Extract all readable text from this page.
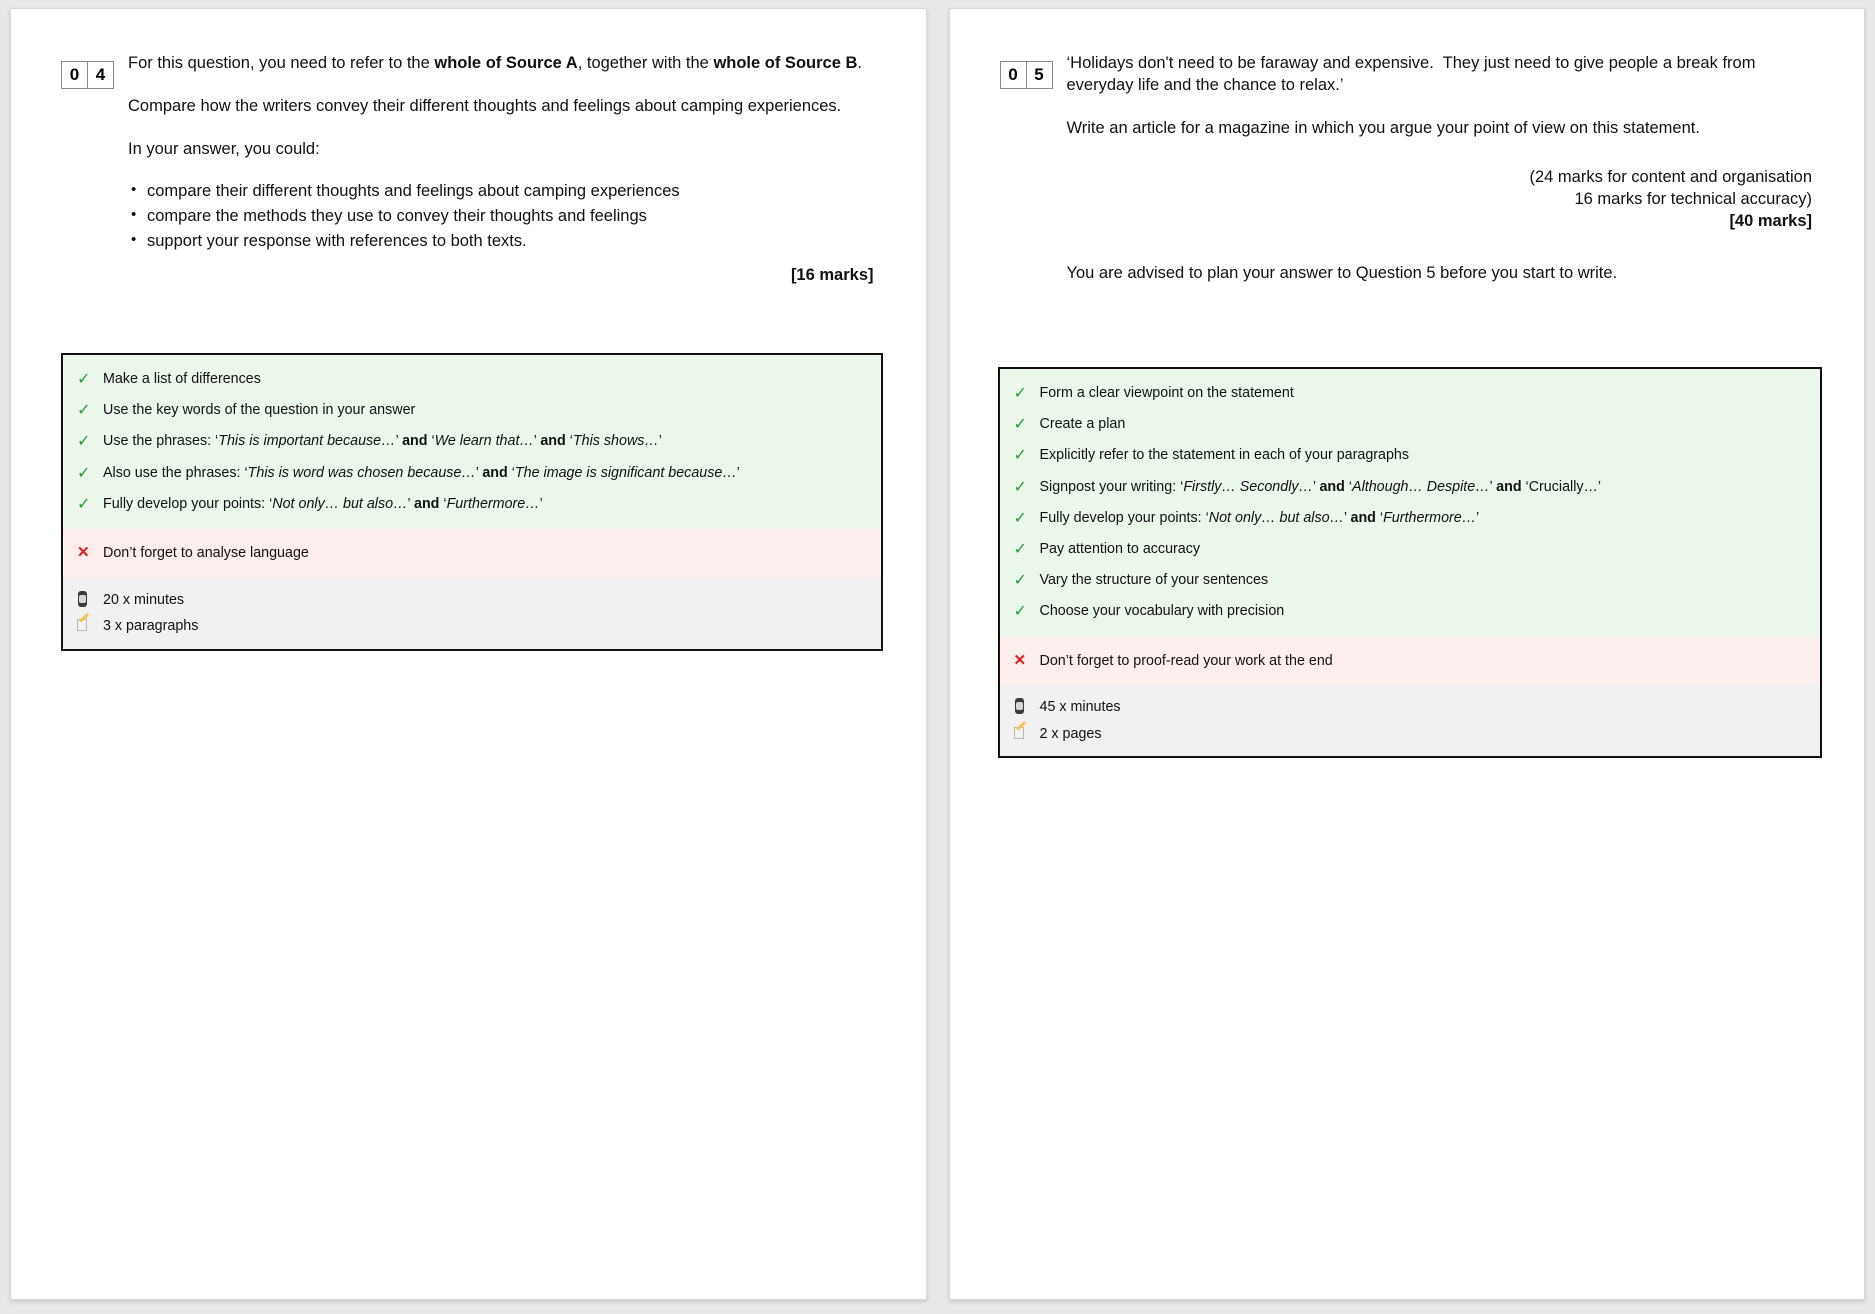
0 4

For this question, you need to refer to the whole of Source A, together with the whole of Source B.

Compare how the writers convey their different thoughts and feelings about camping experiences.

In your answer, you could:

• compare their different thoughts and feelings about camping experiences
• compare the methods they use to convey their thoughts and feelings
• support your response with references to both texts.
[16 marks]
✓ Make a list of differences
✓ Use the key words of the question in your answer
✓ Use the phrases: ‘This is important because…’ and ‘We learn that…’ and ‘This shows…’
✓ Also use the phrases: ‘This is word was chosen because…’ and ‘The image is significant because…’
✓ Fully develop your points: ‘Not only… but also…’ and ‘Furthermore…’
✕ Don’t forget to analyse language
20 x minutes
3 x paragraphs
0 5

‘Holidays don't need to be faraway and expensive.  They just need to give people a break from everyday life and the chance to relax.’

Write an article for a magazine in which you argue your point of view on this statement.

(24 marks for content and organisation
16 marks for technical accuracy)
[40 marks]

You are advised to plan your answer to Question 5 before you start to write.

✓ Form a clear viewpoint on the statement
✓ Create a plan
✓ Explicitly refer to the statement in each of your paragraphs
✓ Signpost your writing: ‘Firstly… Secondly…’ and ‘Although… Despite…’ and ‘Crucially…’
✓ Fully develop your points: ‘Not only… but also…’ and ‘Furthermore…’
✓ Pay attention to accuracy
✓ Vary the structure of your sentences
✓ Choose your vocabulary with precision
✕ Don’t forget to proof-read your work at the end
45 x minutes
2 x pages
